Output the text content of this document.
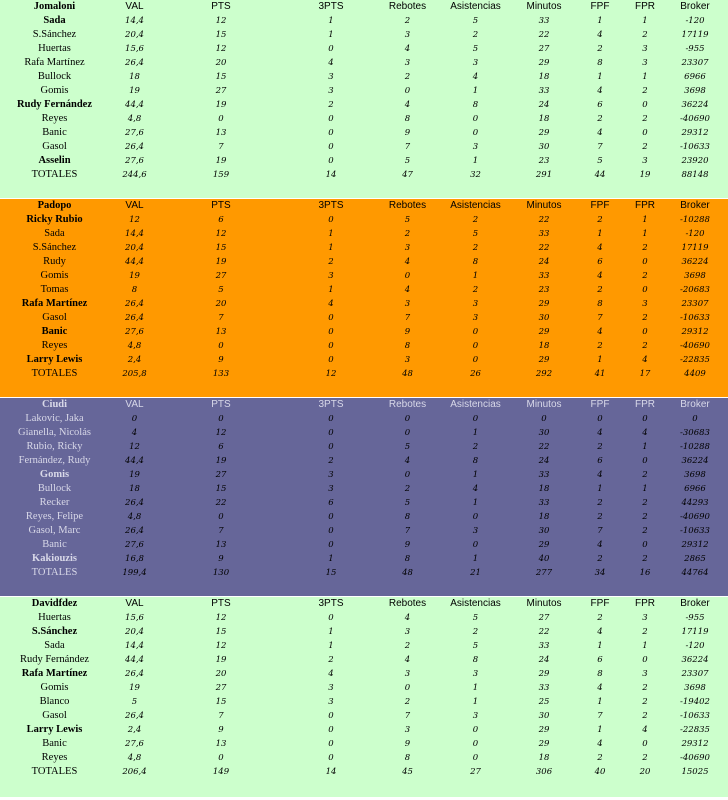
Jomaloni	VAL	PTS	3PTS	Rebotes	Asistencias	Minutos	FPF	FPR	Broker
Sada	14,4	12	1	2	5	33	1	1	-120
S.Sánchez	20,4	15	1	3	2	22	4	2	17119
Huertas	15,6	12	0	4	5	27	2	3	-955
Rafa Martínez	26,4	20	4	3	3	29	8	3	23307
Bullock	18	15	3	2	4	18	1	1	6966
Gomis	19	27	3	0	1	33	4	2	3698
Rudy Fernández	44,4	19	2	4	8	24	6	0	36224
Reyes	4,8	0	0	8	0	18	2	2	-40690
Banic	27,6	13	0	9	0	29	4	0	29312
Gasol	26,4	7	0	7	3	30	7	2	-10633
Asselin	27,6	19	0	5	1	23	5	3	23920
TOTALES	244,6	159	14	47	32	291	44	19	88148
Padopo	VAL	PTS	3PTS	Rebotes	Asistencias	Minutos	FPF	FPR	Broker
Ricky Rubio	12	6	0	5	2	22	2	1	-10288
Sada	14,4	12	1	2	5	33	1	1	-120
S.Sánchez	20,4	15	1	3	2	22	4	2	17119
Rudy	44,4	19	2	4	8	24	6	0	36224
Gomis	19	27	3	0	1	33	4	2	3698
Tomas	8	5	1	4	2	23	2	0	-20683
Rafa Martínez	26,4	20	4	3	3	29	8	3	23307
Gasol	26,4	7	0	7	3	30	7	2	-10633
Banic	27,6	13	0	9	0	29	4	0	29312
Reyes	4,8	0	0	8	0	18	2	2	-40690
Larry Lewis	2,4	9	0	3	0	29	1	4	-22835
TOTALES	205,8	133	12	48	26	292	41	17	4409
Ciudi	VAL	PTS	3PTS	Rebotes	Asistencias	Minutos	FPF	FPR	Broker
Lakovic, Jaka	0	0	0	0	0	0	0	0	0
Gianella, Nicolás	4	12	0	0	1	30	4	4	-30683
Rubio, Ricky	12	6	0	5	2	22	2	1	-10288
Fernández, Rudy	44,4	19	2	4	8	24	6	0	36224
Gomis	19	27	3	0	1	33	4	2	3698
Bullock	18	15	3	2	4	18	1	1	6966
Recker	26,4	22	6	5	1	33	2	2	44293
Reyes, Felipe	4,8	0	0	8	0	18	2	2	-40690
Gasol, Marc	26,4	7	0	7	3	30	7	2	-10633
Banic	27,6	13	0	9	0	29	4	0	29312
Kakiouzis	16,8	9	1	8	1	40	2	2	2865
TOTALES	199,4	130	15	48	21	277	34	16	44764
Davidfdez	VAL	PTS	3PTS	Rebotes	Asistencias	Minutos	FPF	FPR	Broker
Huertas	15,6	12	0	4	5	27	2	3	-955
S.Sánchez	20,4	15	1	3	2	22	4	2	17119
Sada	14,4	12	1	2	5	33	1	1	-120
Rudy Fernández	44,4	19	2	4	8	24	6	0	36224
Rafa Martínez	26,4	20	4	3	3	29	8	3	23307
Gomis	19	27	3	0	1	33	4	2	3698
Blanco	5	15	3	2	1	25	1	2	-19402
Gasol	26,4	7	0	7	3	30	7	2	-10633
Larry Lewis	2,4	9	0	3	0	29	1	4	-22835
Banic	27,6	13	0	9	0	29	4	0	29312
Reyes	4,8	0	0	8	0	18	2	2	-40690
TOTALES	206,4	149	14	45	27	306	40	20	15025
